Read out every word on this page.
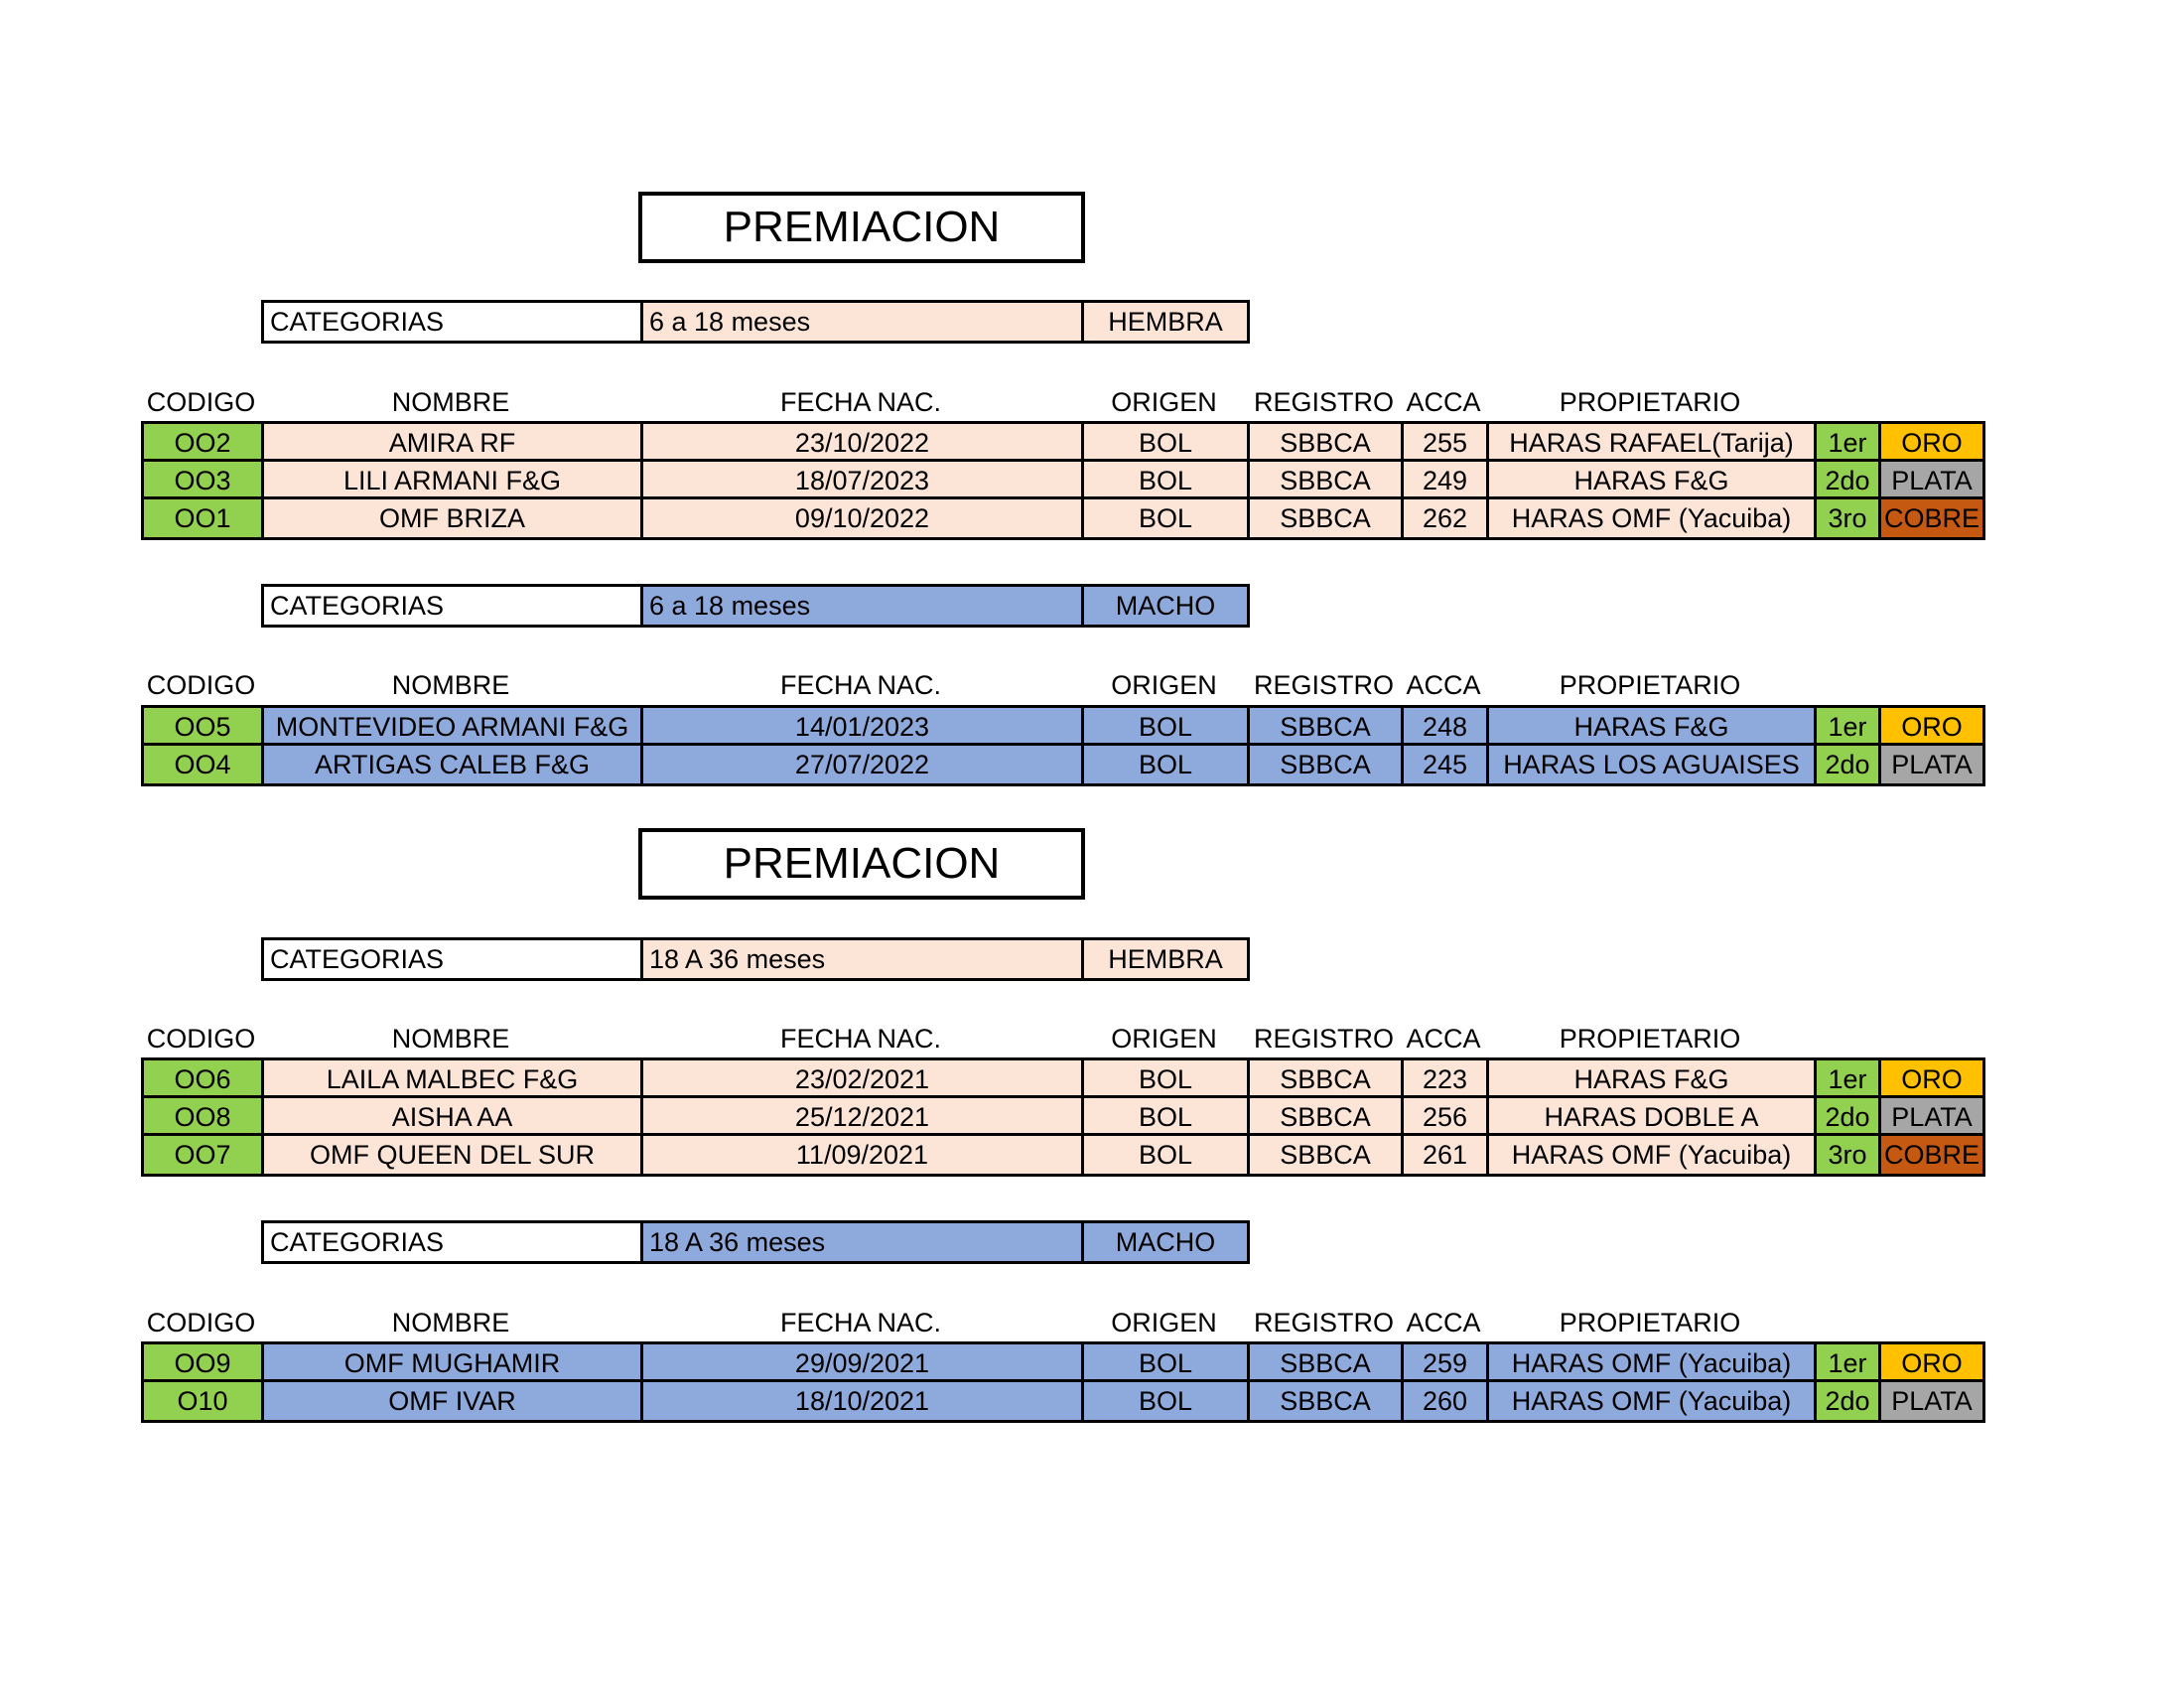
PREMIACION
CATEGORIAS	6 a 18 meses	HEMBRA
CODIGO	NOMBRE	FECHA NAC.	ORIGEN	REGISTRO ACCA	PROPIETARIO
OO2	AMIRA RF	23/10/2022	BOL	SBBCA	255	HARAS RAFAEL(Tarija)	1er	ORO
OO3	LILI ARMANI F&G	18/07/2023	BOL	SBBCA	249	HARAS F&G	2do PLATA
OO1	OMF BRIZA	09/10/2022	BOL	SBBCA	262	HARAS OMF (Yacuiba)	3ro COBRE
CATEGORIAS	6 a 18 meses	MACHO
CODIGO	NOMBRE	FECHA NAC.	ORIGEN	REGISTRO ACCA	PROPIETARIO
OO5	MONTEVIDEO ARMANI F&G	14/01/2023	BOL	SBBCA	248	HARAS F&G	1er	ORO
OO4	ARTIGAS CALEB F&G	27/07/2022	BOL	SBBCA	245	HARAS LOS AGUAISES 2do PLATA
PREMIACION
CATEGORIAS	18 A 36 meses	HEMBRA
CODIGO	NOMBRE	FECHA NAC.	ORIGEN	REGISTRO ACCA	PROPIETARIO
OO6	LAILA MALBEC F&G	23/02/2021	BOL	SBBCA	223	HARAS F&G	1er	ORO
OO8	AISHA AA	25/12/2021	BOL	SBBCA	256	HARAS DOBLE A	2do PLATA
OO7	OMF QUEEN DEL SUR	11/09/2021	BOL	SBBCA	261	HARAS OMF (Yacuiba)	3ro COBRE
CATEGORIAS	18 A 36 meses	MACHO
CODIGO	NOMBRE	FECHA NAC.	ORIGEN	REGISTRO ACCA	PROPIETARIO
OO9	OMF MUGHAMIR	29/09/2021	BOL	SBBCA	259	HARAS OMF (Yacuiba)	1er	ORO
O10	OMF IVAR	18/10/2021	BOL	SBBCA	260	HARAS OMF (Yacuiba)	2do PLATA
